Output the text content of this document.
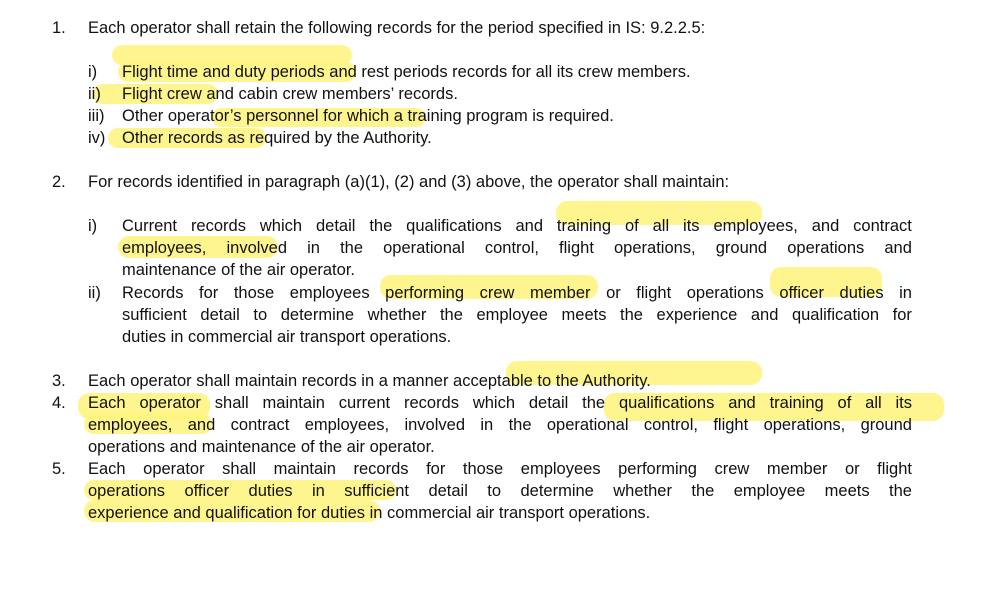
1. Each operator shall retain the following records for the period specified in IS: 9.2.2.5:
i) Flight time and duty periods and rest periods records for all its crew members.
ii) Flight crew and cabin crew members’ records.
iii) Other operator’s personnel for which a training program is required.
iv) Other records as required by the Authority.
2. For records identified in paragraph (a)(1), (2) and (3) above, the operator shall maintain:
i) Current records which detail the qualifications and training of all its employees, and contract
employees, involved in the operational control, flight operations, ground operations and
maintenance of the air operator.
ii) Records for those employees performing crew member or flight operations officer duties in
sufficient detail to determine whether the employee meets the experience and qualification for
duties in commercial air transport operations.
3. Each operator shall maintain records in a manner acceptable to the Authority.
4. Each operator shall maintain current records which detail the qualifications and training of all its
employees, and contract employees, involved in the operational control, flight operations, ground
operations and maintenance of the air operator.
5. Each operator shall maintain records for those employees performing crew member or flight
operations officer duties in sufficient detail to determine whether the employee meets the
experience and qualification for duties in commercial air transport operations.
